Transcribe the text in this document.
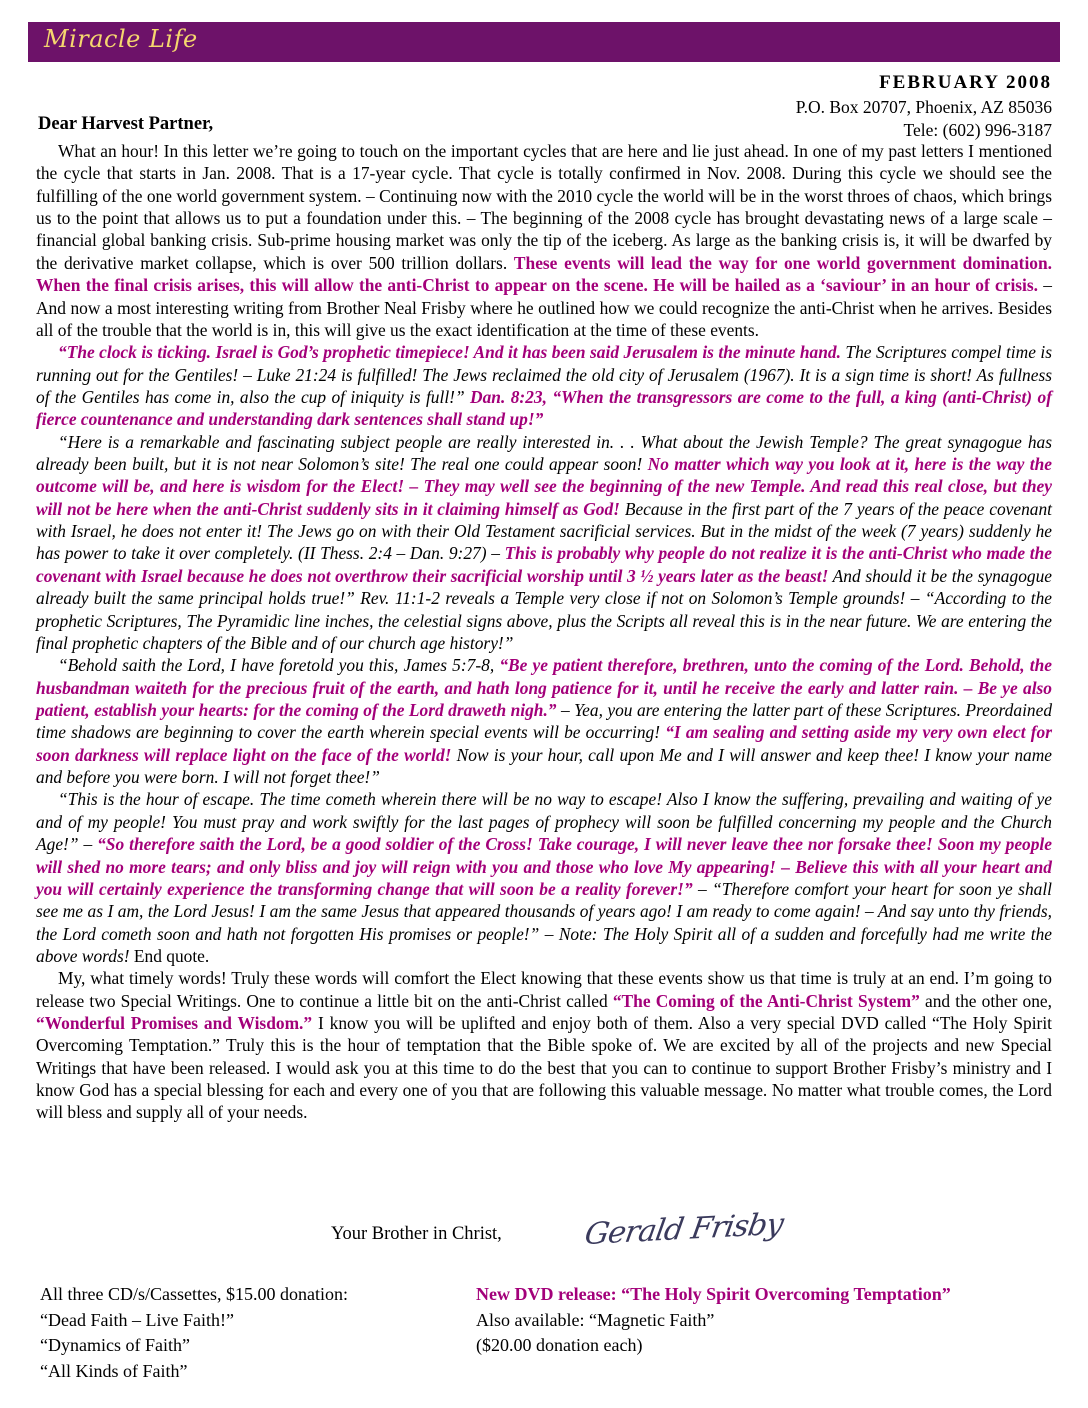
Miracle Life
FEBRUARY 2008
P.O. Box 20707, Phoenix, AZ 85036
Tele: (602) 996-3187
Dear Harvest Partner,

What an hour! In this letter we’re going to touch on the important cycles that are here and lie just ahead. In one of my past letters I mentioned the cycle that starts in Jan. 2008. That is a 17-year cycle. That cycle is totally confirmed in Nov. 2008. During this cycle we should see the fulfilling of the one world government system. – Continuing now with the 2010 cycle the world will be in the worst throes of chaos, which brings us to the point that allows us to put a foundation under this. – The beginning of the 2008 cycle has brought devastating news of a large scale – financial global banking crisis. Sub-prime housing market was only the tip of the iceberg. As large as the banking crisis is, it will be dwarfed by the derivative market collapse, which is over 500 trillion dollars. These events will lead the way for one world government domination. When the final crisis arises, this will allow the anti-Christ to appear on the scene. He will be hailed as a ‘saviour’ in an hour of crisis. – And now a most interesting writing from Brother Neal Frisby where he outlined how we could recognize the anti-Christ when he arrives. Besides all of the trouble that the world is in, this will give us the exact identification at the time of these events.

“The clock is ticking. Israel is God’s prophetic timepiece! And it has been said Jerusalem is the minute hand. The Scriptures compel time is running out for the Gentiles! – Luke 21:24 is fulfilled! The Jews reclaimed the old city of Jerusalem (1967). It is a sign time is short! As fullness of the Gentiles has come in, also the cup of iniquity is full!” Dan. 8:23, “When the transgressors are come to the full, a king (anti-Christ) of fierce countenance and understanding dark sentences shall stand up!”

“Here is a remarkable and fascinating subject people are really interested in. . . What about the Jewish Temple? The great synagogue has already been built, but it is not near Solomon’s site! The real one could appear soon! No matter which way you look at it, here is the way the outcome will be, and here is wisdom for the Elect! – They may well see the beginning of the new Temple. And read this real close, but they will not be here when the anti-Christ suddenly sits in it claiming himself as God! Because in the first part of the 7 years of the peace covenant with Israel, he does not enter it! The Jews go on with their Old Testament sacrificial services. But in the midst of the week (7 years) suddenly he has power to take it over completely. (II Thess. 2:4 – Dan. 9:27) – This is probably why people do not realize it is the anti-Christ who made the covenant with Israel because he does not overthrow their sacrificial worship until 3 ½ years later as the beast! And should it be the synagogue already built the same principal holds true!” Rev. 11:1-2 reveals a Temple very close if not on Solomon’s Temple grounds! – “According to the prophetic Scriptures, The Pyramidic line inches, the celestial signs above, plus the Scripts all reveal this is in the near future. We are entering the final prophetic chapters of the Bible and of our church age history!”

“Behold saith the Lord, I have foretold you this, James 5:7-8, “Be ye patient therefore, brethren, unto the coming of the Lord. Behold, the husbandman waiteth for the precious fruit of the earth, and hath long patience for it, until he receive the early and latter rain. – Be ye also patient, establish your hearts: for the coming of the Lord draweth nigh.” – Yea, you are entering the latter part of these Scriptures. Preordained time shadows are beginning to cover the earth wherein special events will be occurring! “I am sealing and setting aside my very own elect for soon darkness will replace light on the face of the world! Now is your hour, call upon Me and I will answer and keep thee! I know your name and before you were born. I will not forget thee!”

“This is the hour of escape. The time cometh wherein there will be no way to escape! Also I know the suffering, prevailing and waiting of ye and of my people! You must pray and work swiftly for the last pages of prophecy will soon be fulfilled concerning my people and the Church Age!” – “So therefore saith the Lord, be a good soldier of the Cross! Take courage, I will never leave thee nor forsake thee! Soon my people will shed no more tears; and only bliss and joy will reign with you and those who love My appearing! – Believe this with all your heart and you will certainly experience the transforming change that will soon be a reality forever!” – “Therefore comfort your heart for soon ye shall see me as I am, the Lord Jesus! I am the same Jesus that appeared thousands of years ago! I am ready to come again! – And say unto thy friends, the Lord cometh soon and hath not forgotten His promises or people!” – Note: The Holy Spirit all of a sudden and forcefully had me write the above words! End quote.

My, what timely words! Truly these words will comfort the Elect knowing that these events show us that time is truly at an end. I’m going to release two Special Writings. One to continue a little bit on the anti-Christ called “The Coming of the Anti-Christ System” and the other one, “Wonderful Promises and Wisdom.” I know you will be uplifted and enjoy both of them. Also a very special DVD called “The Holy Spirit Overcoming Temptation.” Truly this is the hour of temptation that the Bible spoke of. We are excited by all of the projects and new Special Writings that have been released. I would ask you at this time to do the best that you can to continue to support Brother Frisby’s ministry and I know God has a special blessing for each and every one of you that are following this valuable message. No matter what trouble comes, the Lord will bless and supply all of your needs.

Your Brother in Christ,	Gerald Frisby
All three CD/s/Cassettes, $15.00 donation:
“Dead Faith – Live Faith!”
“Dynamics of Faith”
“All Kinds of Faith”
New DVD release: “The Holy Spirit Overcoming Temptation”
Also available: “Magnetic Faith”
($20.00 donation each)
